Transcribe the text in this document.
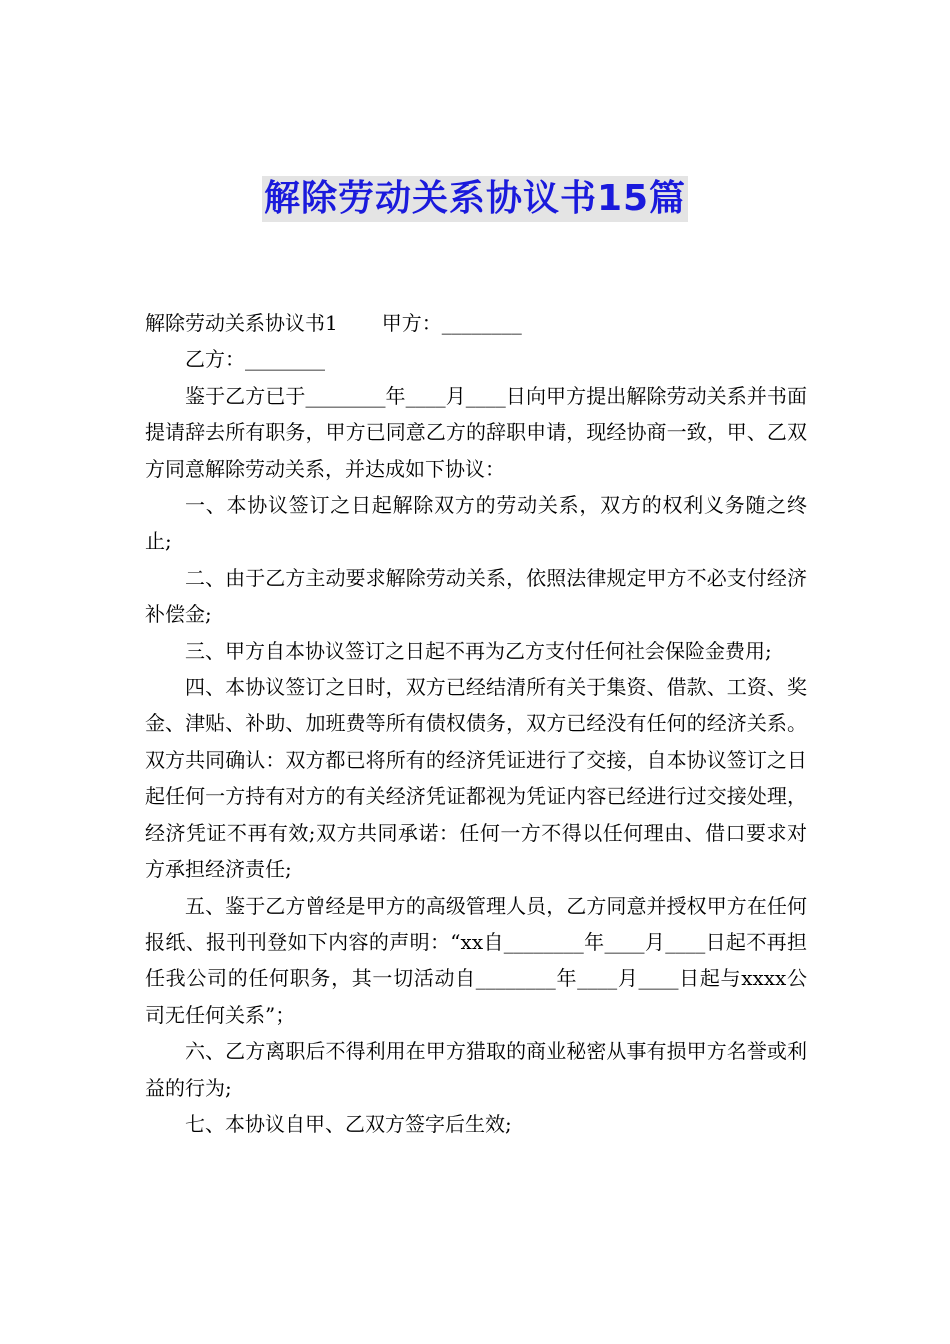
解除劳动关系协议书15篇

解除劳动关系协议书1 甲方：________

乙方：________

鉴于乙方已于________年____月____日向甲方提出解除劳动关系并书面提请辞去所有职务，甲方已同意乙方的辞职申请，现经协商一致，甲、乙双方同意解除劳动关系，并达成如下协议：

一、本协议签订之日起解除双方的劳动关系，双方的权利义务随之终止;

二、由于乙方主动要求解除劳动关系，依照法律规定甲方不必支付经济补偿金;

三、甲方自本协议签订之日起不再为乙方支付任何社会保险金费用;

四、本协议签订之日时，双方已经结清所有关于集资、借款、工资、奖金、津贴、补助、加班费等所有债权债务，双方已经没有任何的经济关系。双方共同确认：双方都已将所有的经济凭证进行了交接，自本协议签订之日起任何一方持有对方的有关经济凭证都视为凭证内容已经进行过交接处理，经济凭证不再有效;双方共同承诺：任何一方不得以任何理由、借口要求对方承担经济责任;

五、鉴于乙方曾经是甲方的高级管理人员，乙方同意并授权甲方在任何报纸、报刊刊登如下内容的声明：“xx自________年____月____日起不再担任我公司的任何职务，其一切活动自________年____月____日起与xxxx公司无任何关系”；

六、乙方离职后不得利用在甲方猎取的商业秘密从事有损甲方名誉或利益的行为;

七、本协议自甲、乙双方签字后生效;
